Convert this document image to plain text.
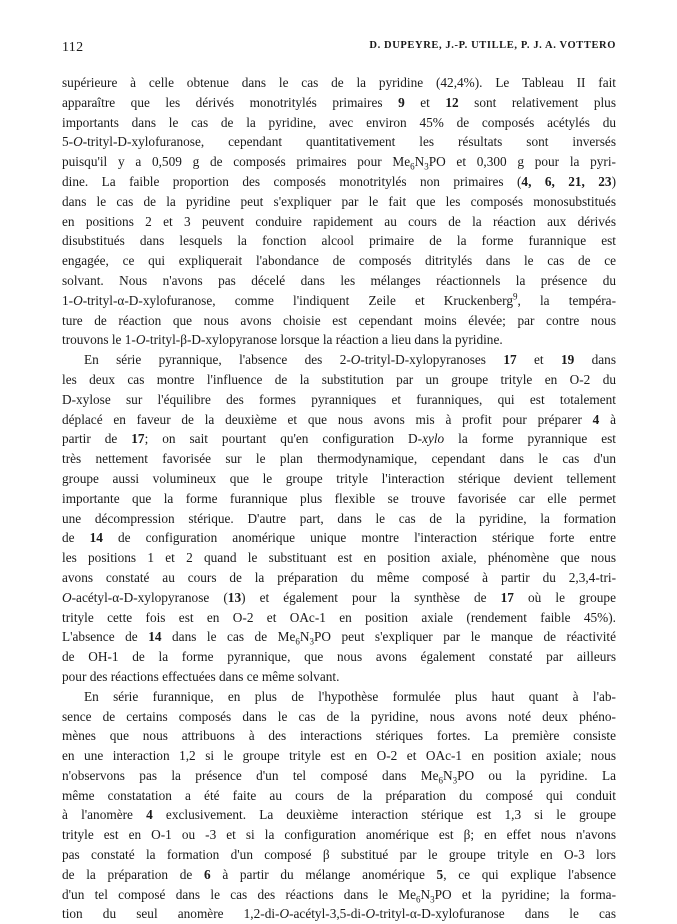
112	D. DUPEYRE, J.-P. UTILLE, P. J. A. VOTTERO
supérieure à celle obtenue dans le cas de la pyridine (42,4%). Le Tableau II fait
apparaître que les dérivés monotritylés primaires 9 et 12 sont relativement plus
importants dans le cas de la pyridine, avec environ 45% de composés acétylés du
5-O-trityl-D-xylofuranose, cependant quantitativement les résultats sont inversés
puisqu'il y a 0,509 g de composés primaires pour $Me_6N_3PO$ et 0,300 g pour la pyri-
dine. La faible proportion des composés monotritylés non primaires (4, 6, 21, 23)
dans le cas de la pyridine peut s'expliquer par le fait que les composés monosubstitués
en positions 2 et 3 peuvent conduire rapidement au cours de la réaction aux dérivés
disubstitués dans lesquels la fonction alcool primaire de la forme furannique est
engagée, ce qui expliquerait l'abondance de composés ditritylés dans le cas de ce
solvant. Nous n'avons pas décelé dans les mélanges réactionnels la présence du
1-O-trityl-α-D-xylofuranose, comme l'indiquent Zeile et Kruckenberg$^9$, la tempéra-
ture de réaction que nous avons choisie est cependant moins élevée; par contre nous
trouvons le 1-O-trityl-β-D-xylopyranose lorsque la réaction a lieu dans la pyridine.
En série pyrannique, l'absence des 2-O-trityl-D-xylopyranoses 17 et 19 dans
les deux cas montre l'influence de la substitution par un groupe trityle en O-2 du
D-xylose sur l'équilibre des formes pyranniques et furanniques, qui est totalement
déplacé en faveur de la deuxième et que nous avons mis à profit pour préparer 4 à
partir de 17; on sait pourtant qu'en configuration D-xylo la forme pyrannique est
très nettement favorisée sur le plan thermodynamique, cependant dans le cas d'un
groupe aussi volumineux que le groupe trityle l'interaction stérique devient tellement
importante que la forme furannique plus flexible se trouve favorisée car elle permet
une décompression stérique. D'autre part, dans le cas de la pyridine, la formation
de 14 de configuration anomérique unique montre l'interaction stérique forte entre
les positions 1 et 2 quand le substituant est en position axiale, phénomène que nous
avons constaté au cours de la préparation du même composé à partir du 2,3,4-tri-
O-acétyl-α-D-xylopyranose (13) et également pour la synthèse de 17 où le groupe
trityle cette fois est en O-2 et OAc-1 en position axiale (rendement faible 45%).
L'absence de 14 dans le cas de $Me_6N_3PO$ peut s'expliquer par le manque de réactivité
de OH-1 de la forme pyrannique, que nous avons également constaté par ailleurs
pour des réactions effectuées dans ce même solvant.
En série furannique, en plus de l'hypothèse formulée plus haut quant à l'ab-
sence de certains composés dans le cas de la pyridine, nous avons noté deux phéno-
mènes que nous attribuons à des interactions stériques fortes. La première consiste
en une interaction 1,2 si le groupe trityle est en O-2 et OAc-1 en position axiale; nous
n'observons pas la présence d'un tel composé dans $Me_6N_3PO$ ou la pyridine. La
même constatation a été faite au cours de la préparation du composé qui conduit
à l'anomère 4 exclusivement. La deuxième interaction stérique est 1,3 si le groupe
trityle est en O-1 ou -3 et si la configuration anomérique est β; en effet nous n'avons
pas constaté la formation d'un composé β substitué par le groupe trityle en O-3 lors
de la préparation de 6 à partir du mélange anomérique 5, ce qui explique l'absence
d'un tel composé dans le cas des réactions dans le $Me_6N_3PO$ et la pyridine; la forma-
tion du seul anomère 1,2-di-O-acétyl-3,5-di-O-trityl-α-D-xylofuranose dans le cas
